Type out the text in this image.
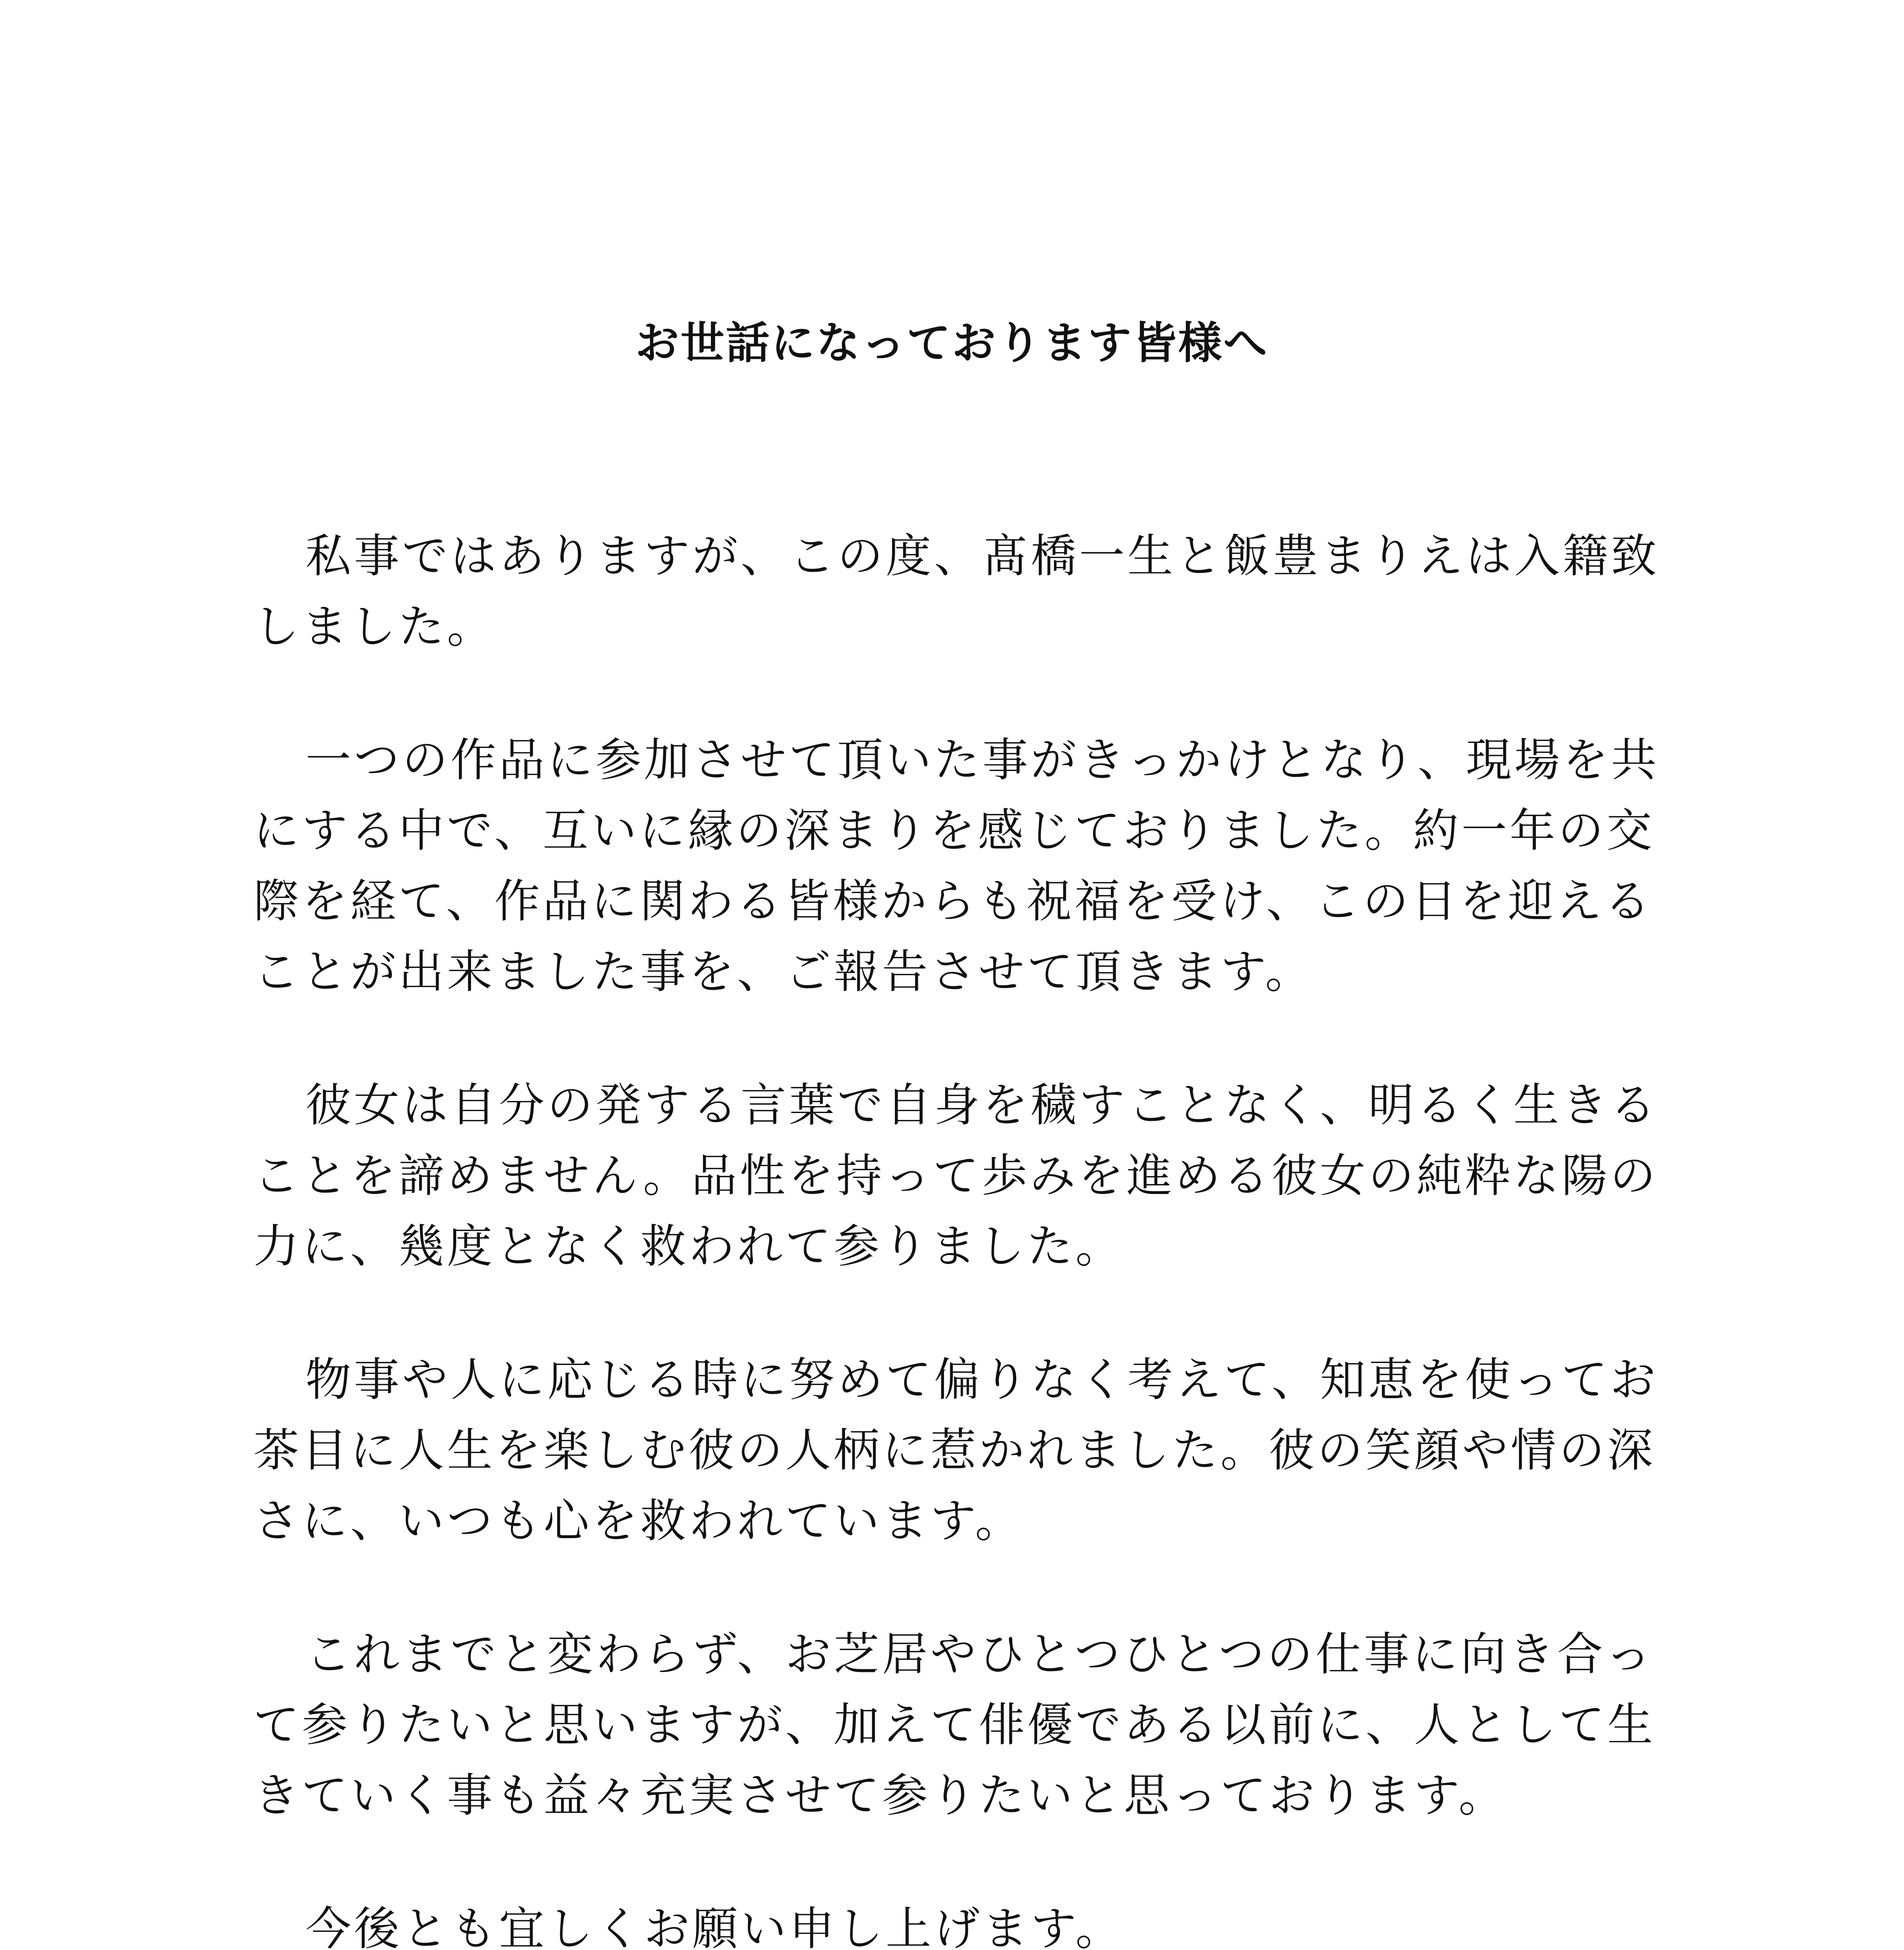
お世話になっております皆様へ

私事ではありますが、この度、髙橋一生と飯豊まりえは入籍致しました。

一つの作品に参加させて頂いた事がきっかけとなり、現場を共にする中で、互いに縁の深まりを感じておりました。約一年の交際を経て、作品に関わる皆様からも祝福を受け、この日を迎えることが出来ました事を、ご報告させて頂きます。

彼女は自分の発する言葉で自身を穢すことなく、明るく生きることを諦めません。品性を持って歩みを進める彼女の純粋な陽の力に、幾度となく救われて参りました。

物事や人に応じる時に努めて偏りなく考えて、知恵を使ってお茶目に人生を楽しむ彼の人柄に惹かれました。彼の笑顔や情の深さに、いつも心を救われています。

これまでと変わらず、お芝居やひとつひとつの仕事に向き合って参りたいと思いますが、加えて俳優である以前に、人として生きていく事も益々充実させて参りたいと思っております。

今後とも宜しくお願い申し上げます。
